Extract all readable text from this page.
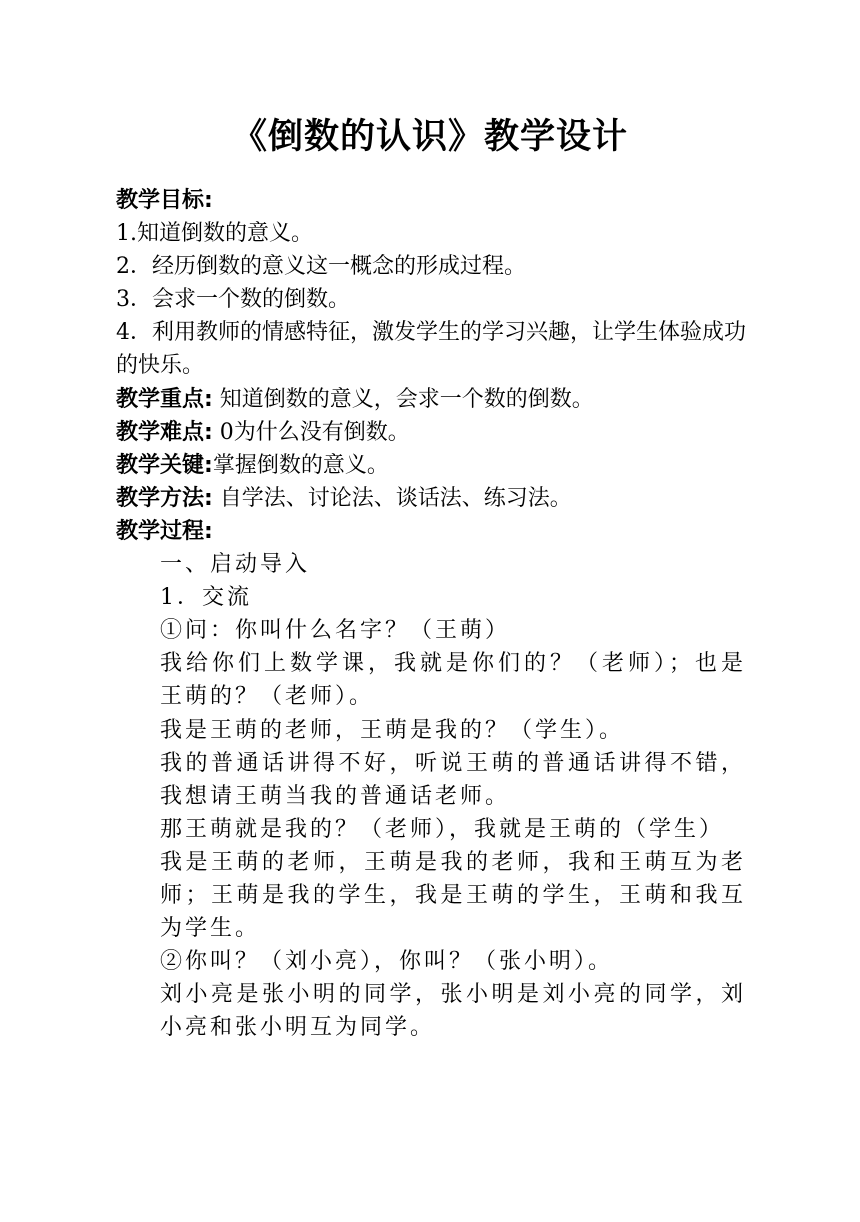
《倒数的认识》教学设计

教学目标:

1.知道倒数的意义。

2．经历倒数的意义这一概念的形成过程。

3．会求一个数的倒数。

4．利用教师的情感特征，激发学生的学习兴趣，让学生体验成功的快乐。

教学重点: 知道倒数的意义，会求一个数的倒数。

教学难点: 0为什么没有倒数。

教学关键:掌握倒数的意义。

教学方法: 自学法、讨论法、谈话法、练习法。

教学过程:

一、启动导入

1．交流

①问：你叫什么名字？（王萌）

我给你们上数学课，我就是你们的？（老师）；也是王萌的？（老师）。

我是王萌的老师，王萌是我的？（学生）。

我的普通话讲得不好，听说王萌的普通话讲得不错，我想请王萌当我的普通话老师。

那王萌就是我的？（老师），我就是王萌的（学生）

我是王萌的老师，王萌是我的老师，我和王萌互为老师；王萌是我的学生，我是王萌的学生，王萌和我互为学生。

②你叫？（刘小亮），你叫？（张小明）。

刘小亮是张小明的同学，张小明是刘小亮的同学，刘小亮和张小明互为同学。
